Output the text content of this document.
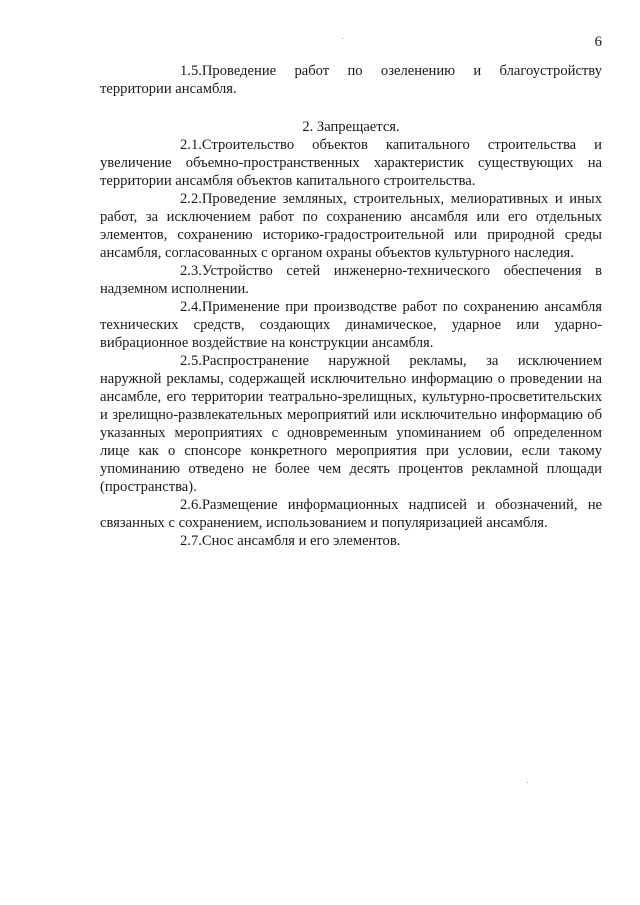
6

1.5.Проведение работ по озеленению и благоустройству территории ансамбля.

2. Запрещается.

2.1.Строительство объектов капитального строительства и увеличение объемно-пространственных характеристик существующих на территории ансамбля объектов капитального строительства.

2.2.Проведение земляных, строительных, мелиоративных и иных работ, за исключением работ по сохранению ансамбля или его отдельных элементов, сохранению историко-градостроительной или природной среды ансамбля, согласованных с органом охраны объектов культурного наследия.

2.3.Устройство сетей инженерно-технического обеспечения в надземном исполнении.

2.4.Применение при производстве работ по сохранению ансамбля технических средств, создающих динамическое, ударное или ударно-вибрационное воздействие на конструкции ансамбля.

2.5.Распространение наружной рекламы, за исключением наружной рекламы, содержащей исключительно информацию о проведении на ансамбле, его территории театрально-зрелищных, культурно-просветительских и зрелищно-развлекательных мероприятий или исключительно информацию об указанных мероприятиях с одновременным упоминанием об определенном лице как о спонсоре конкретного мероприятия при условии, если такому упоминанию отведено не более чем десять процентов рекламной площади (пространства).

2.6.Размещение информационных надписей и обозначений, не связанных с сохранением, использованием и популяризацией ансамбля.

2.7.Снос ансамбля и его элементов.
